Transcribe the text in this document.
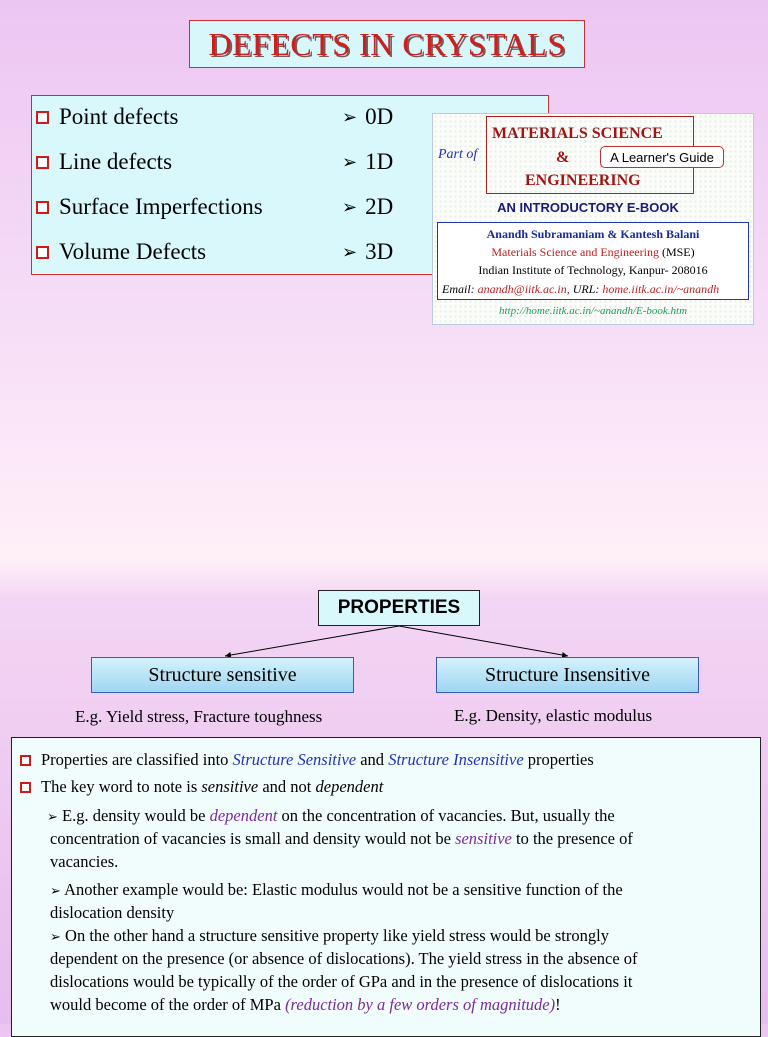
DEFECTS IN CRYSTALS
Point defects	➢ 0D
Line defects	➢ 1D
Surface Imperfections	➢ 2D
Volume Defects	➢ 3D
MATERIALS SCIENCE
&
ENGINEERING
Part of	A Learner's Guide
AN INTRODUCTORY E-BOOK
Anandh Subramaniam & Kantesh Balani
Materials Science and Engineering (MSE)
Indian Institute of Technology, Kanpur- 208016
Email: anandh@iitk.ac.in, URL: home.iitk.ac.in/~anandh
http://home.iitk.ac.in/~anandh/E-book.htm
PROPERTIES
Structure sensitive	Structure Insensitive
E.g. Yield stress, Fracture toughness	E.g. Density, elastic modulus
Properties are classified into Structure Sensitive and Structure Insensitive properties
The key word to note is sensitive and not dependent
➢ E.g. density would be dependent on the concentration of vacancies. But, usually the
concentration of vacancies is small and density would not be sensitive to the presence of
vacancies.
➢ Another example would be: Elastic modulus would not be a sensitive function of the
dislocation density
➢ On the other hand a structure sensitive property like yield stress would be strongly
dependent on the presence (or absence of dislocations). The yield stress in the absence of
dislocations would be typically of the order of GPa and in the presence of dislocations it
would become of the order of MPa (reduction by a few orders of magnitude)!
